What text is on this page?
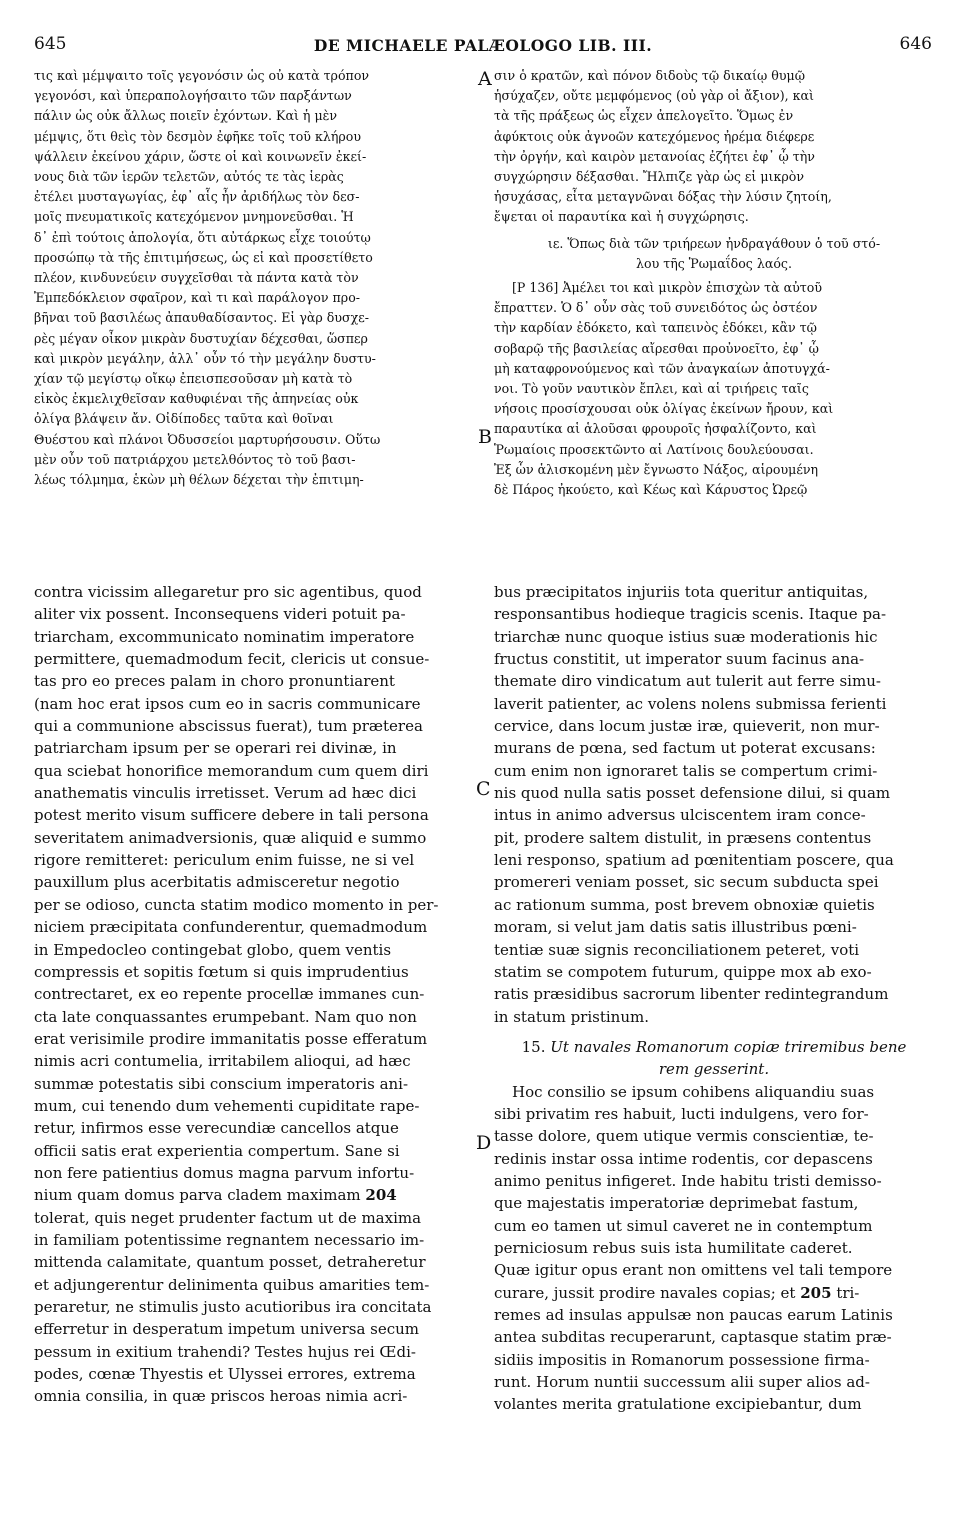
645	DE MICHAELE PALÆOLOGO LIB. III.	646

τις καὶ μέμψαιτο τοῖς γεγονόσιν ὡς οὐ κατὰ τρόπον

γεγονόσι, καὶ ὑπεραπολογήσαιτο τῶν παρξάντων

πάλιν ὡς οὐκ ἄλλως ποιεῖν ἐχόντων. Καὶ ἡ μὲν

μέμψις, ὅτι θεὶς τὸν δεσμὸν ἐφῆκε τοῖς τοῦ κλήρου

ψάλλειν ἐκείνου χάριν, ὥστε οἱ καὶ κοινωνεῖν ἐκεί-

νους διὰ τῶν ἱερῶν τελετῶν, αὐτός τε τὰς ἱερὰς

ἐτέλει μυσταγωγίας, ἐφ᾽ αἷς ἦν ἀριδήλως τὸν δεσ-

μοῖς πνευματικοῖς κατεχόμενον μνημονεῦσθαι. Ἡ

δ᾽ ἐπὶ τούτοις ἀπολογία, ὅτι αὐτάρκως εἶχε τοιούτῳ

προσώπῳ τὰ τῆς ἐπιτιμήσεως, ὡς εἰ καὶ προσετίθετο

πλέον, κινδυνεύειν συγχεῖσθαι τὰ πάντα κατὰ τὸν

Ἐμπεδόκλειον σφαῖρον, καὶ τι καὶ παράλογον προ-

βῆναι τοῦ βασιλέως ἀπαυθαδίσαντος. Εἰ γὰρ δυσχε-

ρὲς μέγαν οἶκον μικρὰν δυστυχίαν δέχεσθαι, ὥσπερ

καὶ μικρὸν μεγάλην, ἀλλ᾽ οὖν τό τὴν μεγάλην δυστυ-

χίαν τῷ μεγίστῳ οἴκῳ ἐπεισπεσοῦσαν μὴ κατὰ τὸ

εἰκὸς ἐκμελιχθεῖσαν καθυφιέναι τῆς ἀπηνείας οὐκ

ὀλίγα βλάψειν ἄν. Οἰδίποδες ταῦτα καὶ θοῖναι

Θυέστου καὶ πλάνοι Ὀδυσσείοι μαρτυρήσουσιν. Οὕτω

μὲν οὖν τοῦ πατριάρχου μετελθόντος τὸ τοῦ βασι-

λέως τόλμημα, ἑκὼν μὴ θέλων δέχεται τὴν ἐπιτιμη-

σιν ὁ κρατῶν, καὶ πόνον διδοὺς τῷ δικαίῳ θυμῷ

ἡσύχαζεν, οὔτε μεμφόμενος (οὐ γὰρ οἱ ἄξιον), καὶ

τὰ τῆς πράξεως ὡς εἶχεν ἀπελογεῖτο. Ὅμως ἐν

ἀφύκτοις οὐκ ἀγνοῶν κατεχόμενος ἠρέμα διέφερε

τὴν ὀργήν, καὶ καιρὸν μετανοίας ἐζήτει ἐφ᾽ ᾧ τὴν

συγχώρησιν δέξασθαι. Ἤλπιζε γὰρ ὡς εἰ μικρὸν

ἡσυχάσας, εἶτα μεταγνῶναι δόξας τὴν λύσιν ζητοίη,

ἔψεται οἱ παραυτίκα καὶ ἡ συγχώρησις.

ιε. Ὅπως διὰ τῶν τριήρεων ἠνδραγάθουν ὁ τοῦ στό-

λου τῆς Ῥωμαΐδος λαός.

[P 136] Ἀμέλει τοι καὶ μικρὸν ἐπισχὼν τὰ αὐτοῦ

ἔπραττεν. Ὁ δ᾽ οὖν σὰς τοῦ συνειδότος ὡς ὀστέον

τὴν καρδίαν ἐδόκετο, καὶ ταπεινὸς ἐδόκει, κἂν τῷ

σοβαρῷ τῆς βασιλείας αἴρεσθαι προὐνοεῖτο, ἐφ᾽ ᾧ

μὴ καταφρονούμενος καὶ τῶν ἀναγκαίων ἀποτυγχά-

νοι. Τὸ γοῦν ναυτικὸν ἔπλει, καὶ αἱ τριήρεις ταῖς

νήσοις προσίσχουσαι οὐκ ὀλίγας ἐκείνων ἤρουν, καὶ

παραυτίκα αἱ ἁλοῦσαι φρουροῖς ἠσφαλίζοντο, καὶ

Ῥωμαίοις προσεκτῶντο αἱ Λατίνοις δουλεύουσαι.

Ἐξ ὧν ἁλισκομένη μὲν ἔγνωστο Νάξος, αἱρουμένη

δὲ Πάρος ἠκούετο, καὶ Κέως καὶ Κάρυστος Ὠρεῷ

A
B
C
D

contra vicissim allegaretur pro sic agentibus, quod

aliter vix possent. Inconsequens videri potuit pa-

triarcham, excommunicato nominatim imperatore

permittere, quemadmodum fecit, clericis ut consue-

tas pro eo preces palam in choro pronuntiarent

(nam hoc erat ipsos cum eo in sacris communicare

qui a communione abscissus fuerat), tum præterea

patriarcham ipsum per se operari rei divinæ, in

qua sciebat honorifice memorandum cum quem diri

anathematis vinculis irretisset. Verum ad hæc dici

potest merito visum sufficere debere in tali persona

severitatem animadversionis, quæ aliquid e summo

rigore remitteret: periculum enim fuisse, ne si vel

pauxillum plus acerbitatis admisceretur negotio

per se odioso, cuncta statim modico momento in per-

niciem præcipitata confunderentur, quemadmodum

in Empedocleo contingebat globo, quem ventis

compressis et sopitis fœtum si quis imprudentius

contrectaret, ex eo repente procellæ immanes cun-

cta late conquassantes erumpebant. Nam quo non

erat verisimile prodire immanitatis posse efferatum

nimis acri contumelia, irritabilem alioqui, ad hæc

summæ potestatis sibi conscium imperatoris ani-

mum, cui tenendo dum vehementi cupiditate rape-

retur, infirmos esse verecundiæ cancellos atque

officii satis erat experientia compertum. Sane si

non fere patientius domus magna parvum infortu-

nium quam domus parva cladem maximam 204

tolerat, quis neget prudenter factum ut de maxima

in familiam potentissime regnantem necessario im-

mittenda calamitate, quantum posset, detraheretur

et adjungerentur delinimenta quibus amarities tem-

peraretur, ne stimulis justo acutioribus ira concitata

efferretur in desperatum impetum universa secum

pessum in exitium trahendi? Testes hujus rei Œdi-

podes, cœnæ Thyestis et Ulyssei errores, extrema

omnia consilia, in quæ priscos heroas nimia acri-

bus præcipitatos injuriis tota queritur antiquitas,

responsantibus hodieque tragicis scenis. Itaque pa-

triarchæ nunc quoque istius suæ moderationis hic

fructus constitit, ut imperator suum facinus ana-

thematе diro vindicatum aut tulerit aut ferre simu-

laverit patienter, ac volens nolens submissa ferienti

cervice, dans locum justæ iræ, quieverit, non mur-

murans de pœna, sed factum ut poterat excusans:

cum enim non ignoraret talis se compertum crimi-

nis quod nulla satis posset defensione dilui, si quam

intus in animo adversus ulciscentem iram conce-

pit, prodere saltem distulit, in præsens contentus

leni responso, spatium ad pœnitentiam poscere, qua

promereri veniam posset, sic secum subducta spei

ac rationum summa, post brevem obnoxiæ quietis

moram, si velut jam datis satis illustribus pœni-

tentiæ suæ signis reconciliationem peteret, voti

statim se compotem futurum, quippe mox ab exo-

ratis præsidibus sacrorum libenter redintegrandum

in statum pristinum.

15. Ut navales Romanorum copiæ triremibus bene

rem gesserint.

Hoc consilio se ipsum cohibens aliquandiu suas

sibi privatim res habuit, lucti indulgens, vero for-

tasse dolore, quem utique vermis conscientiæ, te-

redinis instar ossa intime rodentis, cor depascens

animo penitus infigeret. Inde habitu tristi demisso-

que majestatis imperatoriæ deprimebat fastum,

cum eo tamen ut simul caveret ne in contemptum

perniciosum rebus suis ista humilitate caderet.

Quæ igitur opus erant non omittens vel tali tempore

curare, jussit prodire navales copias; et 205 tri-

remes ad insulas appulsæ non paucas earum Latinis

antea subditas recuperarunt, captasque statim præ-

sidiis impositis in Romanorum possessione firma-

runt. Horum nuntii successum alii super alios ad-

volantes merita gratulatione excipiebantur, dum
